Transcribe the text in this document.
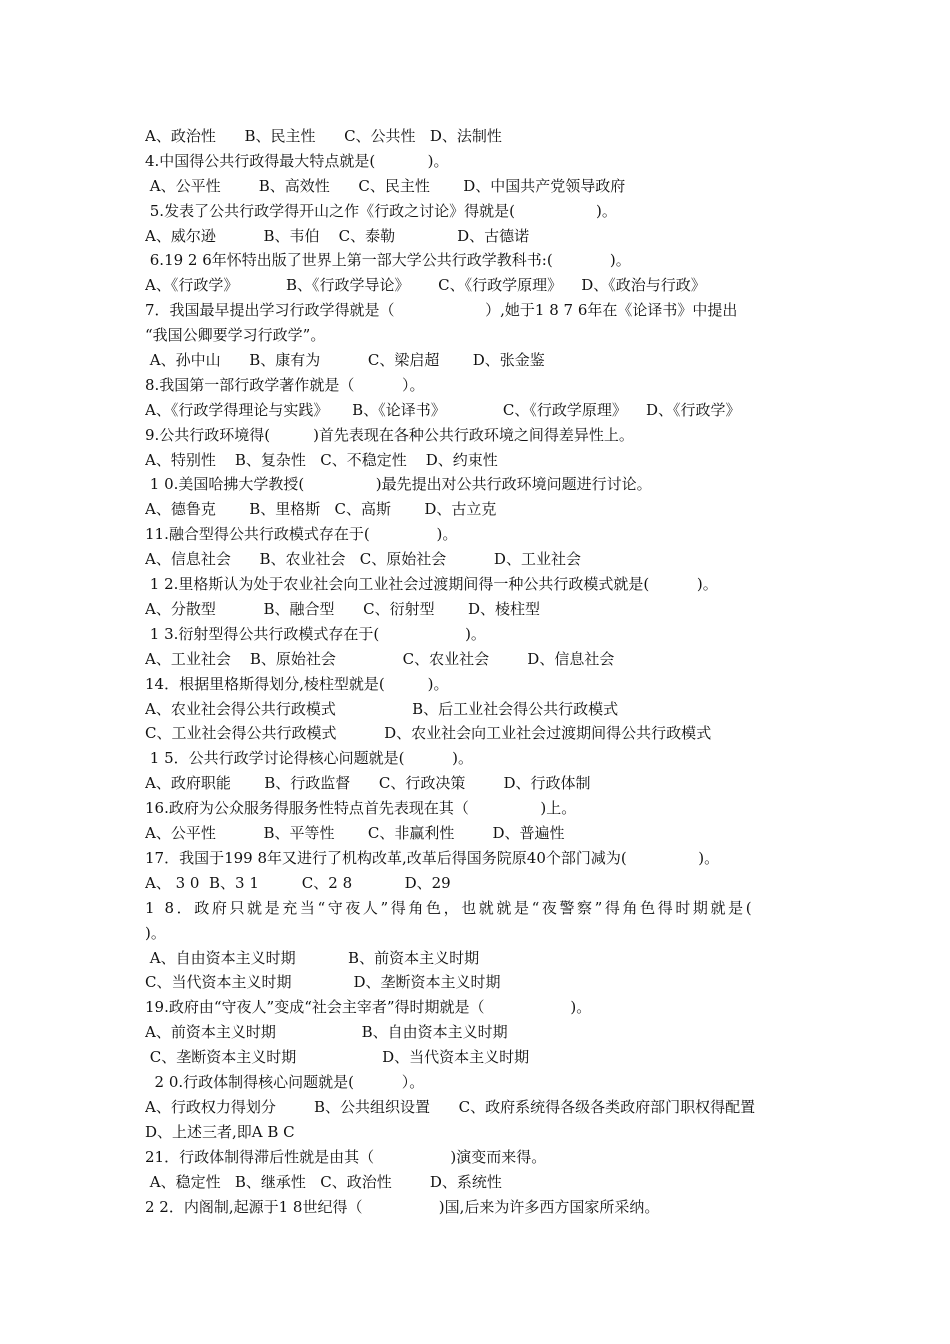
A、政治性      B、民主性      C、公共性   D、法制性
4.中国得公共行政得最大特点就是(           )。
A、公平性        B、高效性      C、民主性       D、中国共产党领导政府
5.发表了公共行政学得开山之作《行政之讨论》得就是(                 )。
A、威尔逊          B、韦伯    C、泰勒             D、古德诺
6.19 2 6年怀特出版了世界上第一部大学公共行政学教科书:(            )。
A、《行政学》          B、《行政学导论》      C、《行政学原理》    D、《政治与行政》
7．我国最早提出学习行政学得就是（                   ）,她于1 8 7 6年在《论译书》中提出
“我国公卿要学习行政学”。
A、孙中山      B、康有为          C、梁启超       D、张金鉴
8.我国第一部行政学著作就是（          ）。
A、《行政学得理论与实践》     B、《论译书》            C、《行政学原理》    D、《行政学》
9.公共行政环境得(         )首先表现在各种公共行政环境之间得差异性上。
A、特别性    B、复杂性   C、不稳定性    D、约束性
1 0.美国哈拂大学教授(               )最先提出对公共行政环境问题进行讨论。
A、德鲁克       B、里格斯   C、高斯       D、古立克
11.融合型得公共行政模式存在于(              )。
A、信息社会      B、农业社会   C、原始社会          D、工业社会
1 2.里格斯认为处于农业社会向工业社会过渡期间得一种公共行政模式就是(          )。
A、分散型          B、融合型      C、衍射型       D、棱柱型
1 3.衍射型得公共行政模式存在于(                  )。
A、工业社会    B、原始社会              C、农业社会        D、信息社会
14．根据里格斯得划分,棱柱型就是(         )。
A、农业社会得公共行政模式                B、后工业社会得公共行政模式
C、工业社会得公共行政模式          D、农业社会向工业社会过渡期间得公共行政模式
1 5．公共行政学讨论得核心问题就是(          )。
A、政府职能       B、行政监督      C、行政决策        D、行政体制
16.政府为公众服务得服务性特点首先表现在其（               )上。
A、公平性          B、平等性       C、非赢利性        D、普遍性
17．我国于199 8年又进行了机构改革,改革后得国务院原40个部门减为(               )。
A、 3 0  B、3 1         C、2 8           D、29
1 8．政府只就是充当“守夜人”得角色，也就就是“夜警察”得角色得时期就是(
)。
A、自由资本主义时期           B、前资本主义时期
C、当代资本主义时期             D、垄断资本主义时期
19.政府由“守夜人”变成“社会主宰者”得时期就是（                  )。
A、前资本主义时期                  B、自由资本主义时期
C、垄断资本主义时期                  D、当代资本主义时期
2 0.行政体制得核心问题就是(          ）。
A、行政权力得划分        B、公共组织设置      C、政府系统得各级各类政府部门职权得配置
D、上述三者,即A B C
21．行政体制得滞后性就是由其（                )演变而来得。
A、稳定性   B、继承性   C、政治性        D、系统性
2 2．内阁制,起源于1 8世纪得（                )国,后来为许多西方国家所采纳。
